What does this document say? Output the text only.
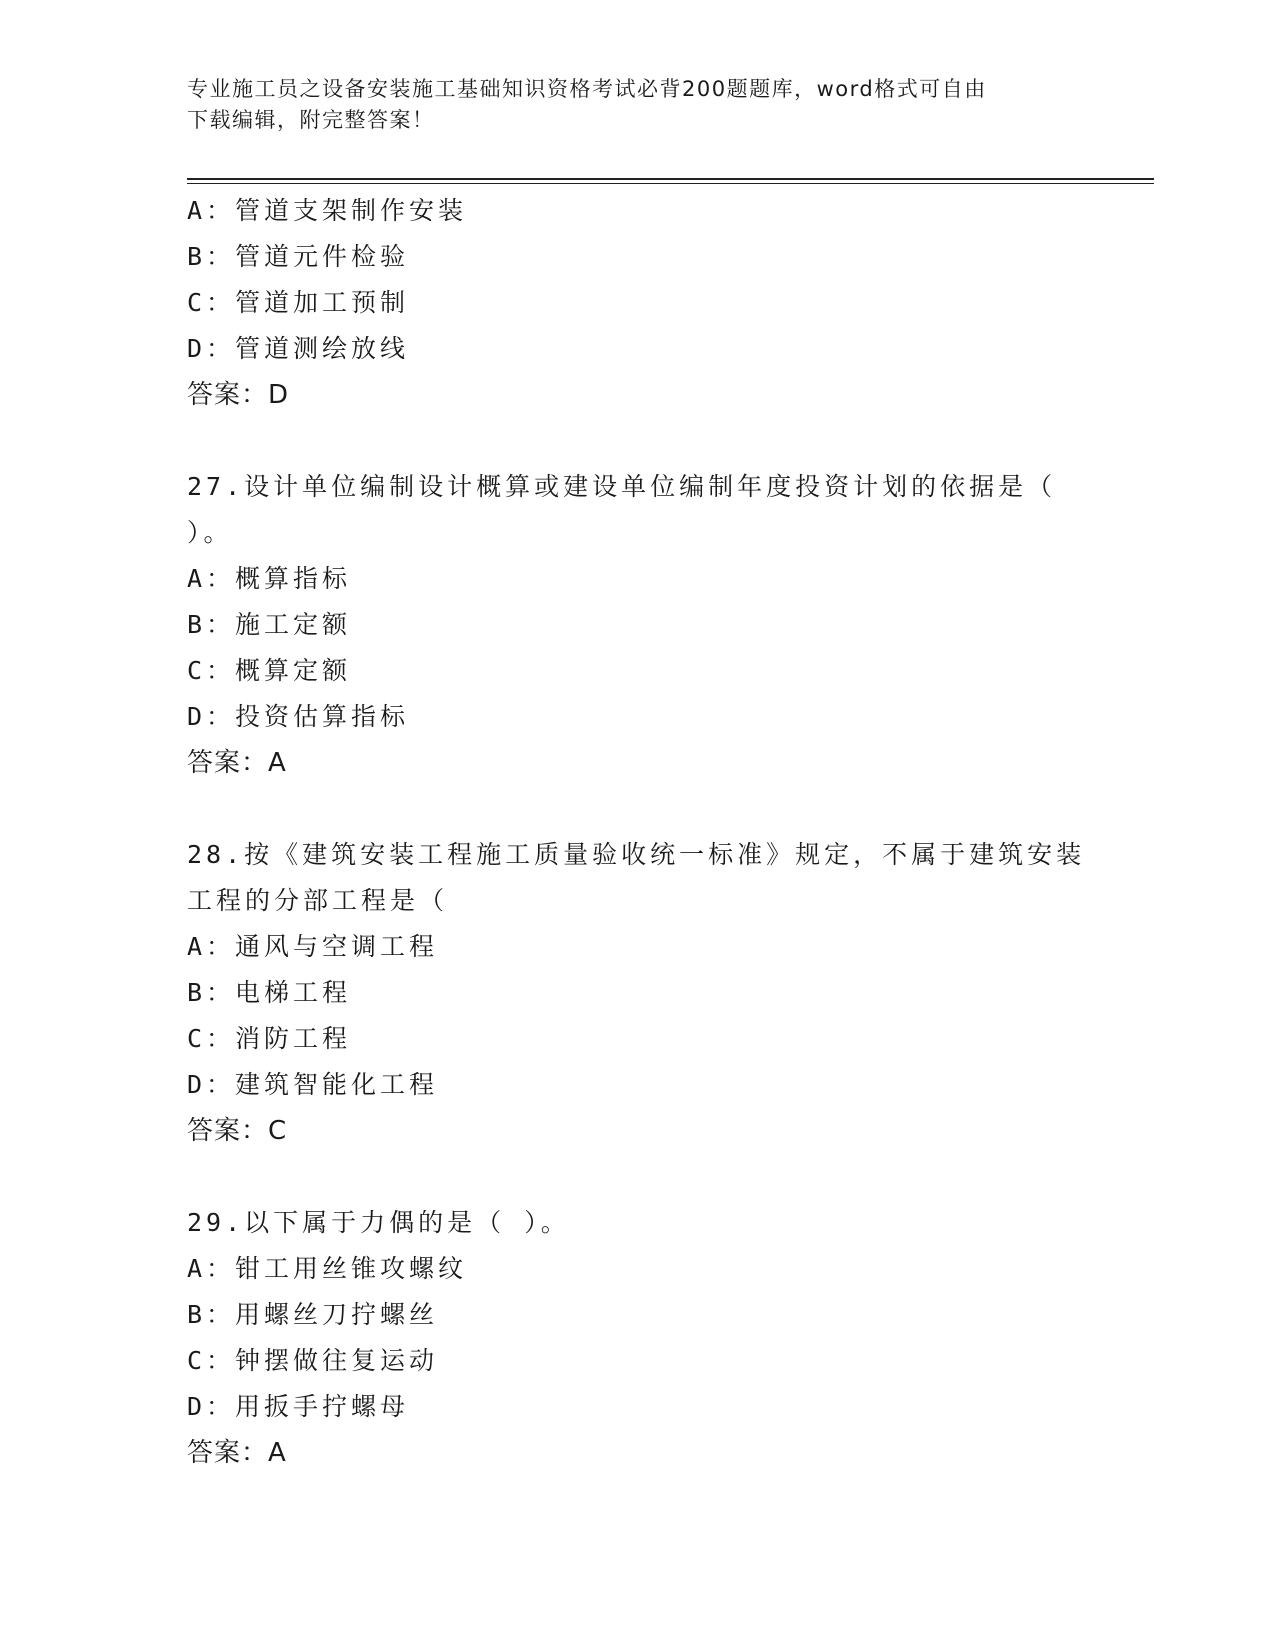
专业施工员之设备安装施工基础知识资格考试必背200题题库，word格式可自由
下载编辑，附完整答案！
A：管道支架制作安装
B：管道元件检验
C：管道加工预制
D：管道测绘放线
答案：D
27.设计单位编制设计概算或建设单位编制年度投资计划的依据是（
）。
A：概算指标
B：施工定额
C：概算定额
D：投资估算指标
答案：A
28.按《建筑安装工程施工质量验收统一标准》规定，不属于建筑安装
工程的分部工程是（
A：通风与空调工程
B：电梯工程
C：消防工程
D：建筑智能化工程
答案：C
29.以下属于力偶的是（ ）。
A：钳工用丝锥攻螺纹
B：用螺丝刀拧螺丝
C：钟摆做往复运动
D：用扳手拧螺母
答案：A
